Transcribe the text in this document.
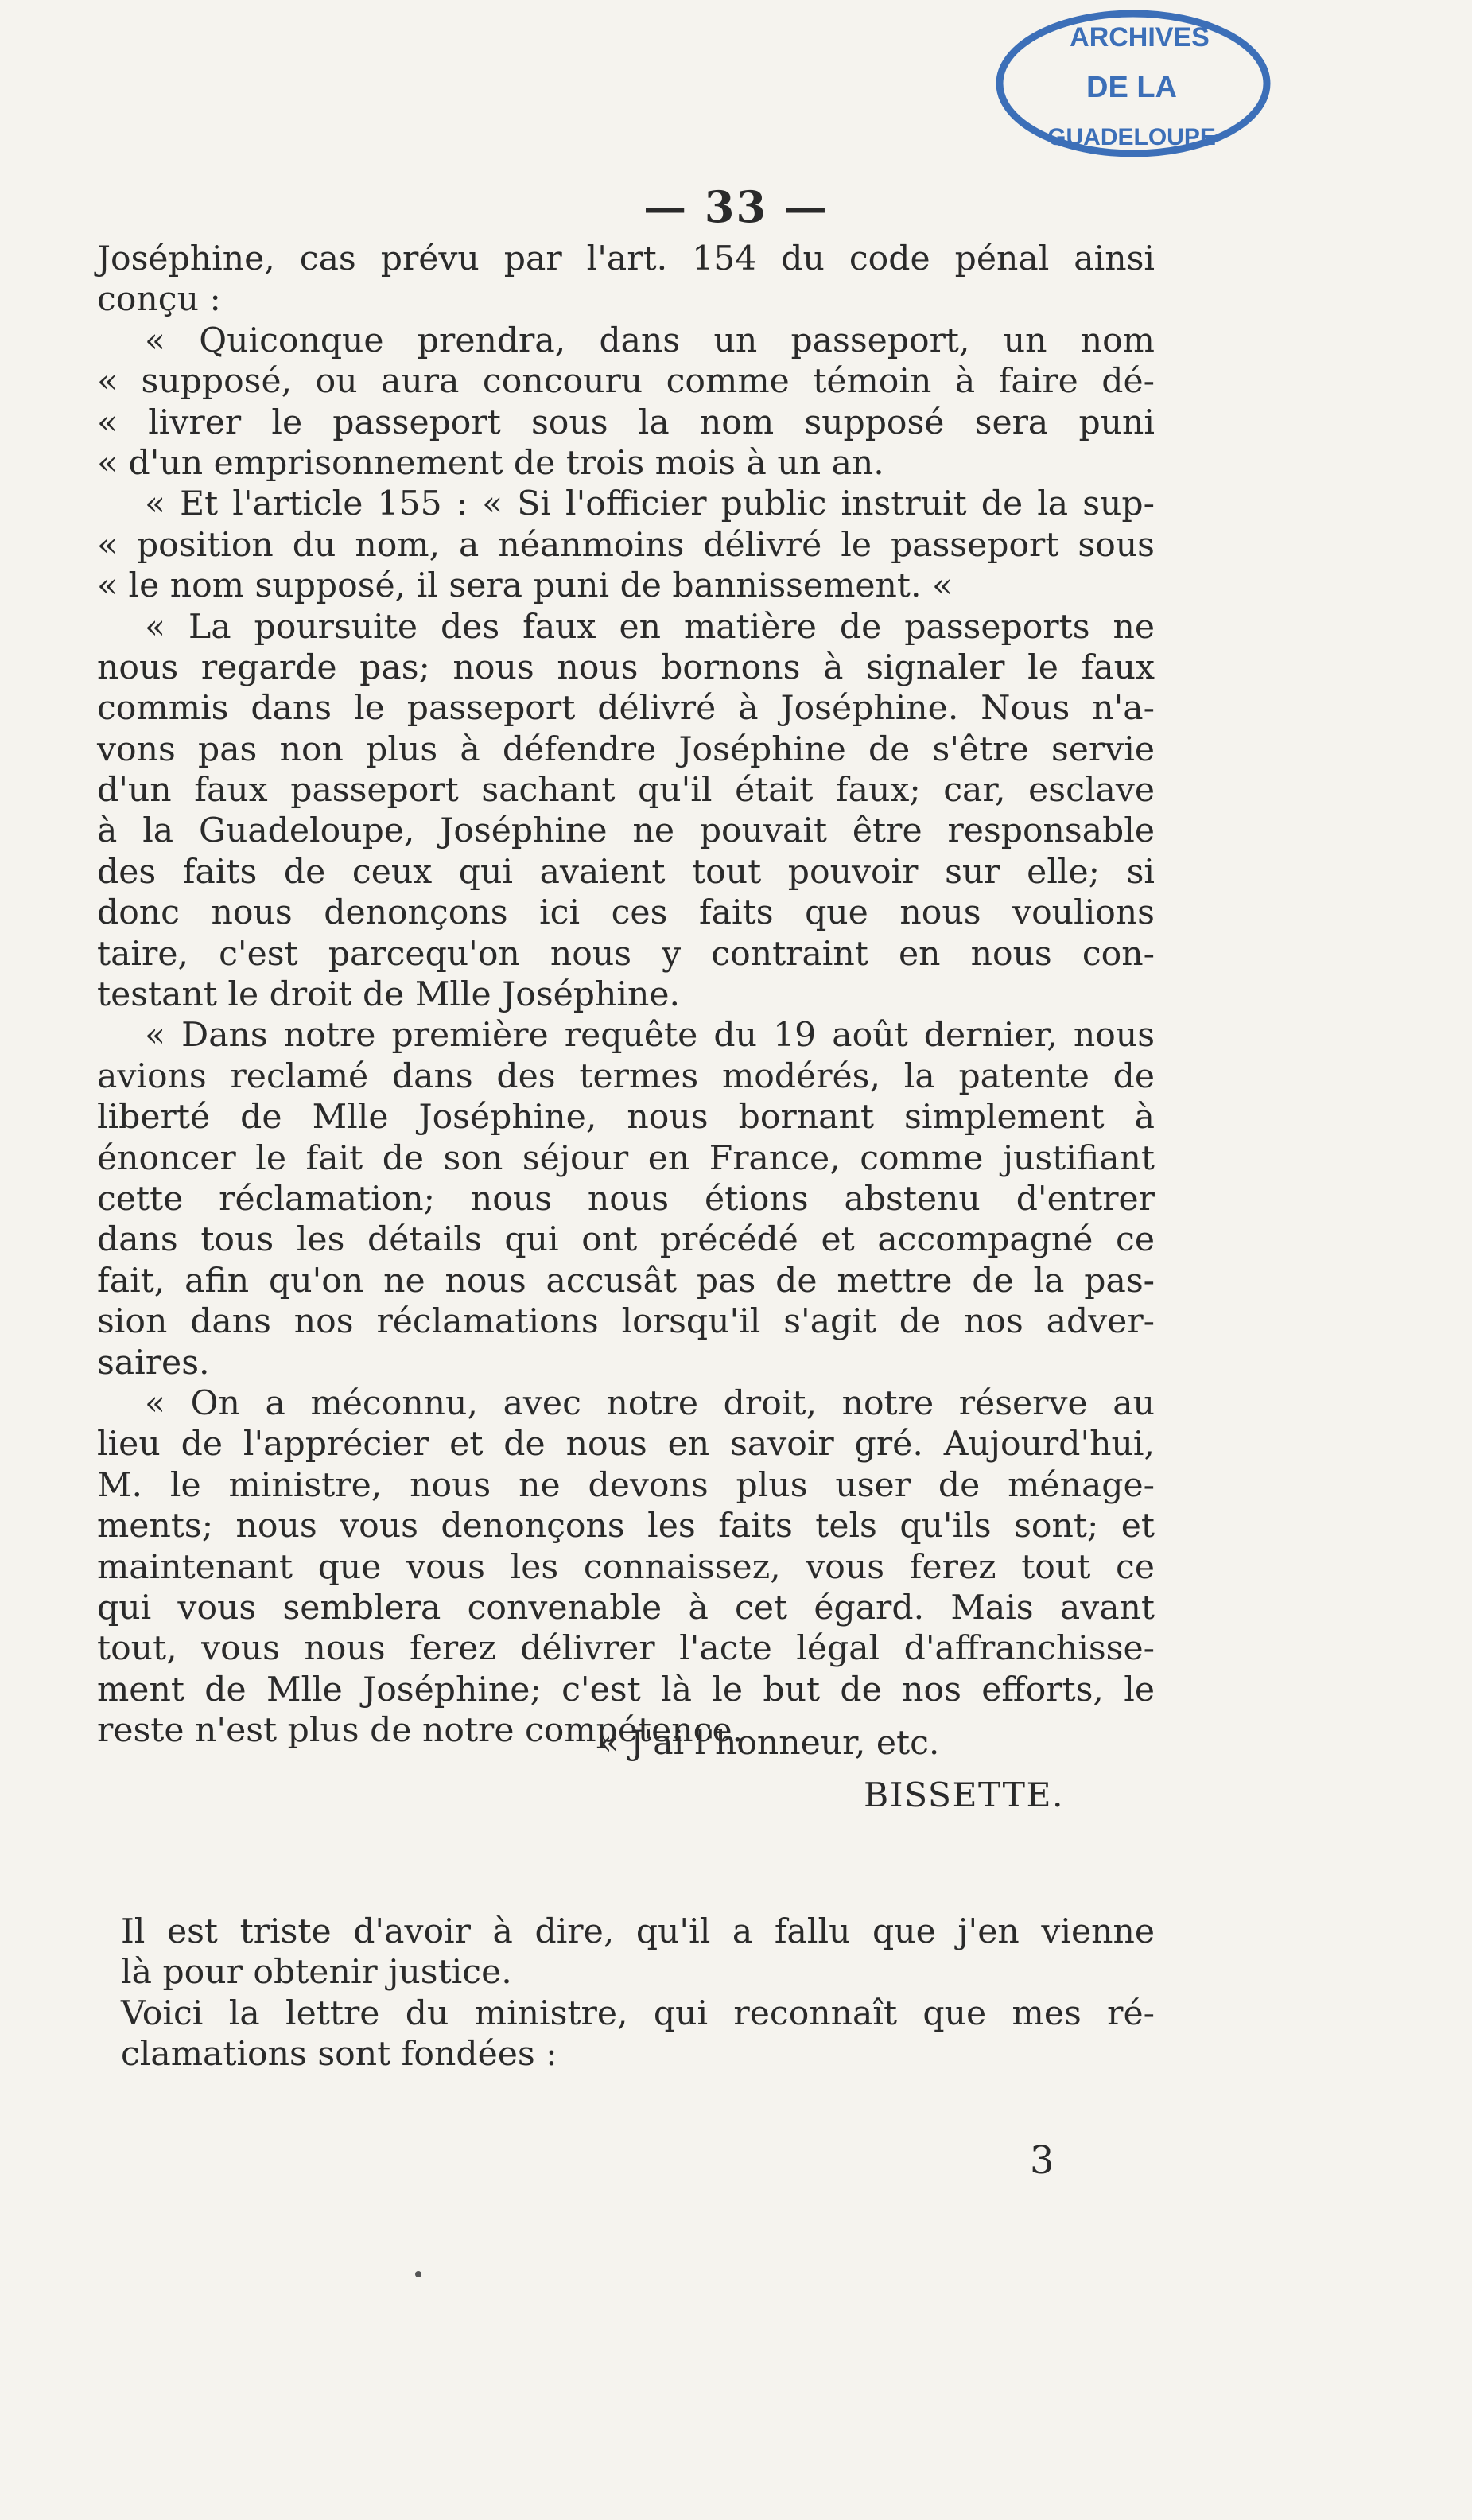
ARCHIVES
DE LA
GUADELOUPE
— 33 —
Joséphine, cas prévu par l'art. 154 du code pénal ainsi
conçu :
« Quiconque prendra, dans un passeport, un nom
« supposé, ou aura concouru comme témoin à faire dé-
« livrer le passeport sous la nom supposé sera puni
« d'un emprisonnement de trois mois à un an.
« Et l'article 155 : « Si l'officier public instruit de la sup-
« position du nom, a néanmoins délivré le passeport sous
« le nom supposé, il sera puni de bannissement. «
« La poursuite des faux en matière de passeports ne
nous regarde pas; nous nous bornons à signaler le faux
commis dans le passeport délivré à Joséphine. Nous n'a-
vons pas non plus à défendre Joséphine de s'être servie
d'un faux passeport sachant qu'il était faux; car, esclave
à la Guadeloupe, Joséphine ne pouvait être responsable
des faits de ceux qui avaient tout pouvoir sur elle; si
donc nous denonçons ici ces faits que nous voulions
taire, c'est parcequ'on nous y contraint en nous con-
testant le droit de Mlle Joséphine.
« Dans notre première requête du 19 août dernier, nous
avions reclamé dans des termes modérés, la patente de
liberté de Mlle Joséphine, nous bornant simplement à
énoncer le fait de son séjour en France, comme justifiant
cette réclamation; nous nous étions abstenu d'entrer
dans tous les détails qui ont précédé et accompagné ce
fait, afin qu'on ne nous accusât pas de mettre de la pas-
sion dans nos réclamations lorsqu'il s'agit de nos adver-
saires.
« On a méconnu, avec notre droit, notre réserve au
lieu de l'apprécier et de nous en savoir gré. Aujourd'hui,
M. le ministre, nous ne devons plus user de ménage-
ments; nous vous denonçons les faits tels qu'ils sont; et
maintenant que vous les connaissez, vous ferez tout ce
qui vous semblera convenable à cet égard. Mais avant
tout, vous nous ferez délivrer l'acte légal d'affranchisse-
ment de Mlle Joséphine; c'est là le but de nos efforts, le
reste n'est plus de notre compétence.
« J'ai l'honneur, etc.
BISSETTE.
Il est triste d'avoir à dire, qu'il a fallu que j'en vienne
là pour obtenir justice.
Voici la lettre du ministre, qui reconnaît que mes ré-
clamations sont fondées :
3
